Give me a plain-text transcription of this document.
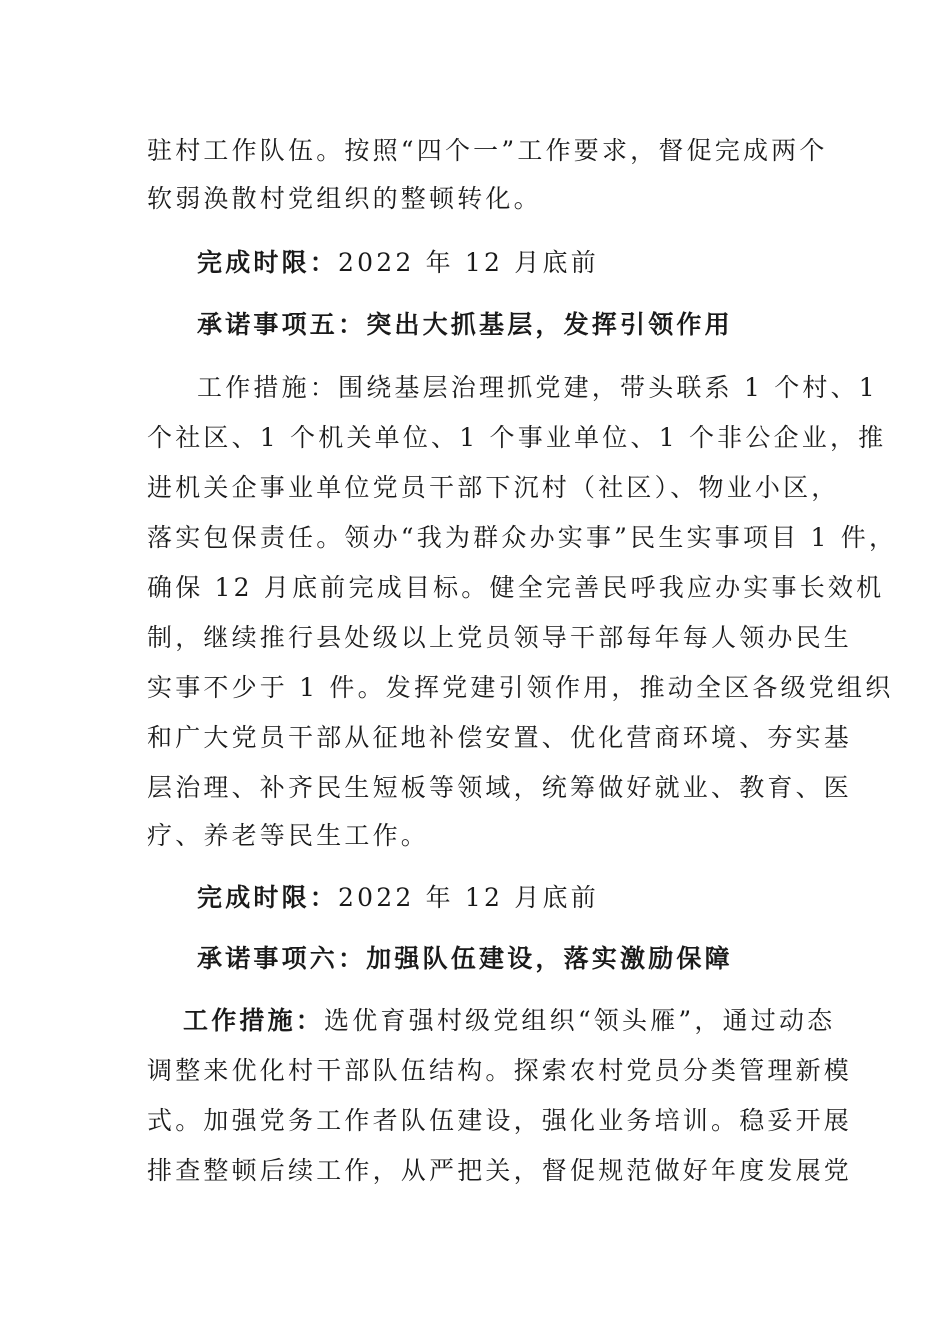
驻村工作队伍。按照“四个一”工作要求，督促完成两个
软弱涣散村党组织的整顿转化。
完成时限：2022 年 12 月底前
承诺事项五：突出大抓基层，发挥引领作用
工作措施：围绕基层治理抓党建，带头联系 1 个村、1
个社区、1 个机关单位、1 个事业单位、1 个非公企业，推
进机关企事业单位党员干部下沉村（社区）、物业小区，
落实包保责任。领办“我为群众办实事”民生实事项目 1 件，
确保 12 月底前完成目标。健全完善民呼我应办实事长效机
制，继续推行县处级以上党员领导干部每年每人领办民生
实事不少于 1 件。发挥党建引领作用，推动全区各级党组织
和广大党员干部从征地补偿安置、优化营商环境、夯实基
层治理、补齐民生短板等领域，统筹做好就业、教育、医
疗、养老等民生工作。
完成时限：2022 年 12 月底前
承诺事项六：加强队伍建设，落实激励保障
工作措施：选优育强村级党组织“领头雁”，通过动态
调整来优化村干部队伍结构。探索农村党员分类管理新模
式。加强党务工作者队伍建设，强化业务培训。稳妥开展
排查整顿后续工作，从严把关，督促规范做好年度发展党
